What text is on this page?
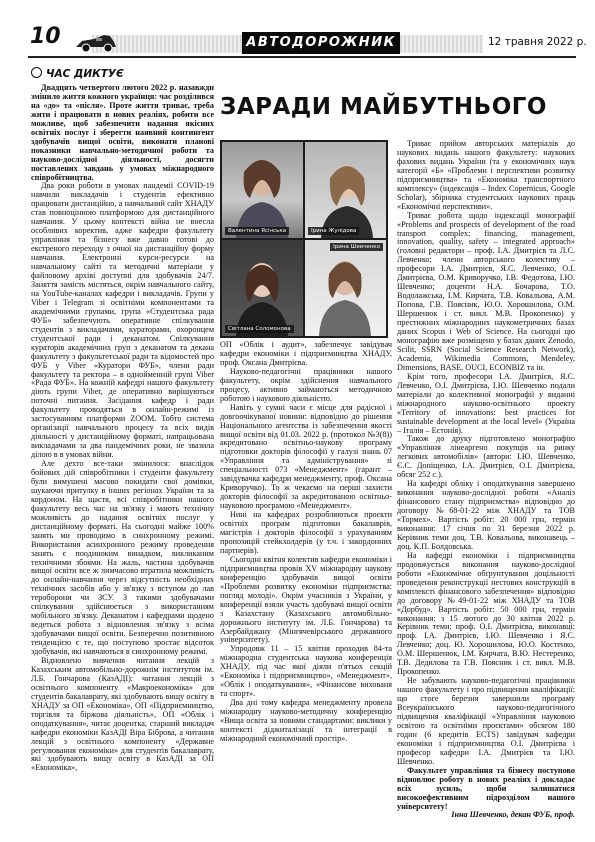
10	АВТОДОРОЖНИК	12 травня 2022 р.
ЧАС ДИКТУЄ
ЗАРАДИ МАЙБУТНЬОГО

Двадцять четвертого лютого 2022 р. назавжди змінило життя кожного українця: час розділився на «до» та «після». Проте життя триває, треба жити і працювати в нових реаліях, робити все можливе, щоб забезпечити надання якісних освітніх послуг і зберегти наявний контингент здобувачів вищої освіти, виконати планові показники навчально-методичної роботи та науково-дослідної діяльності, досягти поставлених завдань у умовах міжнародного співробітництва.

Два роки роботи в умовах пандемії COVID-19 навчили викладачів і студентів ефективно працювати дистанційно, а навчальний сайт ХНАДУ став повноцінною платформою для дистанційного навчання. У цьому контексті війна не внесла особливих коректив, адже кафедри факультету управління та бізнесу вже давно готові до екстреного переходу з очної на дистанційну форму навчання. Електронні курси-ресурси на навчальному сайті та методичні матеріали у файловому архіві доступні для здобувачів 24/7. Заняття замість містяться, окрім навчального сайту, на YouTube-каналах кафедри і викладачів. Групи у Viber і Telegram зі освітніми компонентами та академічними групами, група «Студентська рада ФУБ» забезпечують оперативне спілкування студентів з викладачами, кураторами, охоронцем студентської ради і деканатом. Спілкування кураторів академічних груп з деканатом та декана факультету з факультетської ради та відомостей про ФУБ у Viber «Куратори ФУБ», члени ради факультету та ректора – в однойменній групі Viber «Рада ФУБ». На кожній кафедрі нашого факультету діють групи Viber, де оперативно вирішуються поточні питання. Засідання кафедр і ради факультету проводяться в онлайн-режимі із застосуванням платформи ZOOM. Тобто система організації навчального процесу та всіх видів діяльності у дистанційному форматі, напрацьована викладачами за два пандемічних роки, не звазила ділою в в умовах війни.

Але дехто все-таки змінилося: внаслідок бойових дій співробітники і студенти факультету були вимушені масово покидати свої домівки, шукаючи притулку в інших регіонах України та за кордоном. На щастя, всі співробітники нашого факультету весь час на зв'язку і мають технічну можливість до надання освітніх послуг у дистанційному форматі. На сьогодні майже 100% занять ми проводимо в синхронному режимі. Використання асинхронного режиму проведення занять є поодиноким винадком, викликаним технічними збоями. На жаль, частина здобувачів вищої освіти все ж лимчасово втратила можливість до онлайн-навчання через відсутність необхідних технічних засобів або у зв'язку з вступом до лав тероборони чи ЗСУ. З такими здобувачами спілкування здійснюється з використанням мобільного зв'язку. Деканатом і кафедрами щодено ведеться робота з відновлення зв'язку з всіма здобувачами вищої освіти. Безперечно позитивною тенденцією є те, що поступово зростає відсоток здобувачів, які навчаються в синхронному режимі.

Відновлено вивчення читання лекцій з Казахським автомобільно-дорожнім інститутом ім. Л.Б. Гончарова (КазАДІ): читання лекцій з освітнього компоненту «Макроекономіка» для студентів бакалаврату, які здобувають вищу освіту в ХНАДУ за ОП «Економіка», ОП «Підприємництво, торгівля та біржова діяльність», ОП «Облік і оподаткування», читає доцентка, старший викладач кафедри економіки КазАДІ Віра Біброва, а читання лекцій з освітнього компоненту «Державне регулювання економіки» для студентів бакалаврату, які здобувають вищу освіту в КазАДІ за ОП «Економіка»,

Валентина Ясінська	Ірина Жулідова
Світлана Соломонова
Ірина Шевченко

ОП «Облік і аудит», забезпечує завідувач кафедри економіки і підприємництва ХНАДУ, проф. Оксана Дмитрієва.

Науково-педагогічні працівники нашого факультету, окрім здійснення навчального процесу, активно займаються методичною роботою і науковою діяльністю.

Навіть у сумні часи є місце для радісної і довгоочікуваної новини: відповідно до рішення Національного агентства із забезпечення якості вищої освіти від 01.03. 2022 р. (протокол №3(8)) акредитовано освітньо-наукову програму підготовки докторів філософії у галузі знань 07 «Управління та адміністрування» зі спеціальності 073 «Менеджмент» (гарант – завідувачка кафедри менеджменту, проф. Оксана Криворучко). То ж чекаємо на перші захисти докторів філософії за акредитованою освітньо-науковою програмою «Менеджмент».

Нині на кафедрах розробляються проєкти освітніх програм підготовки бакалаврів, магістрів і докторів філософії з урахуванням пропозицій стейкхолдерів (у т.ч. і закордонних партнерів).

Сьогодні квітня колектив кафедри економіки і підприємництва провів XV міжнародну наукову конференцію здобувачів вищої освіти «Проблеми розвитку економіки підприємства: погляд молоді». Окрім учасників з України, у конференції взяли участь здобувачі вищої освіти з Казахстану (Казахського автомобільно-дорожнього інституту ім. Л.Б. Гончарова) та Азербайджану (Мінгячевірського державного університету).

Упродовж 11 – 15 квітня проходив 84-та міжнародна студентська наукова конференція ХНАДУ, під час якої діяли п'ятьох секцій «Економіка і підприємництво», «Менеджмент», «Облік і оподаткування», «Фінансове вихованя та спорт».

Два дні тому кафедра менеджменту провела міжнародну науково-методичну конференцію «Вища освіта за новими стандартами: виклики у контексті діджиталізації та інтеграції в міжнародний економічний простір».

Триває прийом авторських матеріалів до наукових видань нашого факультету: наукових фахових видань України (та у економічних наук категорії «Б» «Проблеми і перспективи розвитку підприємництва» та «Економіка транспортного комплексу» (індексація – Index Copernicus, Google Scholar), збірника студентських наукових праць «Економічні перспективи».

Триває робота щодо індексації монографії «Problems and prospects of development of the road transport complex: financing, management, innovation, quality, safety – integrated approach» (головні редактори – проф. І.А. Дмитрієв та Л.С. Левченко; члени авторського колективу – професори І.А. Дмитрієв, Я.С. Левченко, О.І. Дмитрієва, О.М. Криворучко, І.В. Федотова, І.Ю. Шевченко; доценти Н.А. Бочарова, Т.О. Водолажська, І.М. Кирчата, Т.В. Ковальова, А.М. Попова, Г.В. Поясник, Ю.О. Хорошилова, О.М. Шершенюк і ст. викл. М.В. Прокопенко) у престижних міжнародних наукометричних базах даних Scopus і Web of Science. На сьогодні цю монографію вже розміщено у базах даних Zenodo, Scilit, SSRN (Social Science Research Network), Academia, Wikimedia Commons, Mendeley, Dimensions, BASE, OUCI, ECONBIZ та ін.

Крім того, професори І.А. Дмитрієв, Я.С. Левченко, О.І. Дмитрієва, І.Ю. Шевченко подали матеріали до колективної монографії у виданні міжнародного науково-освітнього проекту «Territory of innovations: best practices for sustainable development at the local level» (Україна – Італія – Естонія).

Також до друку підготовлено монографію «Управління лінеаргено покупців на ринку легкових автомобілів» (автори: І.Ю. Шевченко, Є.С. Доніщенко, І.А. Дмитрієв, О.І. Дмитрієва, обсяг 252 с.).

На кафедрі обліку і оподаткування завершено виконання науково-дослідної роботи «Аналіз фінансового стану підприємства» відповідно до договору №68-01-22 між ХНАДУ та ТОВ «Тормех». Вартість робіт: 20 000 грн, термін виконання: 17 січня по 31 березня 2022 р. Керівник теми доц. Т.В. Ковальова, виконавець – доц. К.П. Болдовська.

На кафедрі економіки і підприємництва продовжується виконання науково-дослідної роботи «Економічне обґрунтування доцільності проведення реконструкції нестових конструкцій в комплексті фінансового забезпечення» відповідно до договору №49-01-22 між ХНАДУ та ТОВ «Дорбуд». Вартість робіт: 50 000 грн, термін виконання: з 15 лютого до 30 квітня 2022 р. Керівник теми: проф. О.І. Дмитрієва, виконавці: проф. І.А. Дмитрієв, І.Ю. Шевченко і Я.С. Левченко; доц. Ю. Хорошилова, Ю.О. Костенко, О.М. Шершенюк, І.М. Кирчата, В.Ю. Нестеренко, Т.В. Дедилова та Г.В. Поясник і ст. викл. М.В. Прокопенко.

Не забувають науково-педагогічні працівники нашого факультету і про підвищення кваліфікації: що стоге березня завершили програму Всеукраїнського науково-педагогічного підвищення кваліфікації «Управління науковою освітою та освітніми проєктами» обсягом 180 годин (6 кредитів ECTS) завідувач кафедри економіки і підприємництва О.І. Дмитрієва і професор кафедри І.А. Дмитрієв та І.Ю. Шевченко.

Факультет управління та бізнесу поступово відновлює роботу в нових реаліях і докладає всіх зусиль, щоби залишатися високоефективним підрозділом нашого університету!

Інна Шевченко, декан ФУБ, проф.
